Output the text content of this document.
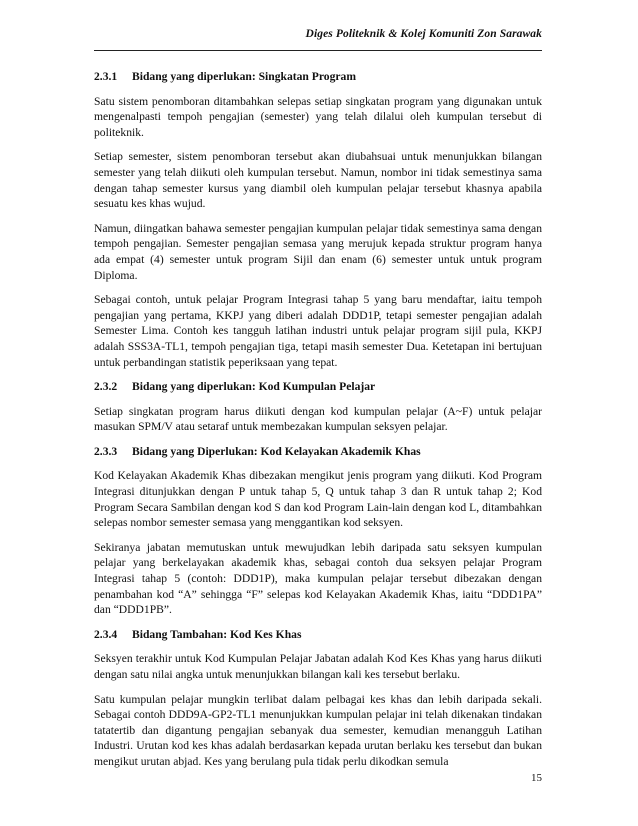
Diges Politeknik & Kolej Komuniti Zon Sarawak
2.3.1 Bidang yang diperlukan: Singkatan Program

Satu sistem penomboran ditambahkan selepas setiap singkatan program yang digunakan untuk mengenalpasti tempoh pengajian (semester) yang telah dilalui oleh kumpulan tersebut di politeknik.

Setiap semester, sistem penomboran tersebut akan diubahsuai untuk menunjukkan bilangan semester yang telah diikuti oleh kumpulan tersebut. Namun, nombor ini tidak semestinya sama dengan tahap semester kursus yang diambil oleh kumpulan pelajar tersebut khasnya apabila sesuatu kes khas wujud.

Namun, diingatkan bahawa semester pengajian kumpulan pelajar tidak semestinya sama dengan tempoh pengajian. Semester pengajian semasa yang merujuk kepada struktur program hanya ada empat (4) semester untuk program Sijil dan enam (6) semester untuk untuk program Diploma.

Sebagai contoh, untuk pelajar Program Integrasi tahap 5 yang baru mendaftar, iaitu tempoh pengajian yang pertama, KKPJ yang diberi adalah DDD1P, tetapi semester pengajian adalah Semester Lima. Contoh kes tangguh latihan industri untuk pelajar program sijil pula, KKPJ adalah SSS3A-TL1, tempoh pengajian tiga, tetapi masih semester Dua. Ketetapan ini bertujuan untuk perbandingan statistik peperiksaan yang tepat.

2.3.2 Bidang yang diperlukan: Kod Kumpulan Pelajar

Setiap singkatan program harus diikuti dengan kod kumpulan pelajar (A~F) untuk pelajar masukan SPM/V atau setaraf untuk membezakan kumpulan seksyen pelajar.

2.3.3 Bidang yang Diperlukan: Kod Kelayakan Akademik Khas

Kod Kelayakan Akademik Khas dibezakan mengikut jenis program yang diikuti. Kod Program Integrasi ditunjukkan dengan P untuk tahap 5, Q untuk tahap 3 dan R untuk tahap 2; Kod Program Secara Sambilan dengan kod S dan kod Program Lain-lain dengan kod L, ditambahkan selepas nombor semester semasa yang menggantikan kod seksyen.

Sekiranya jabatan memutuskan untuk mewujudkan lebih daripada satu seksyen kumpulan pelajar yang berkelayakan akademik khas, sebagai contoh dua seksyen pelajar Program Integrasi tahap 5 (contoh: DDD1P), maka kumpulan pelajar tersebut dibezakan dengan penambahan kod “A” sehingga “F” selepas kod Kelayakan Akademik Khas, iaitu “DDD1PA” dan “DDD1PB”.

2.3.4 Bidang Tambahan: Kod Kes Khas

Seksyen terakhir untuk Kod Kumpulan Pelajar Jabatan adalah Kod Kes Khas yang harus diikuti dengan satu nilai angka untuk menunjukkan bilangan kali kes tersebut berlaku.

Satu kumpulan pelajar mungkin terlibat dalam pelbagai kes khas dan lebih daripada sekali. Sebagai contoh DDD9A-GP2-TL1 menunjukkan kumpulan pelajar ini telah dikenakan tindakan tatatertib dan digantung pengajian sebanyak dua semester, kemudian menangguh Latihan Industri. Urutan kod kes khas adalah berdasarkan kepada urutan berlaku kes tersebut dan bukan mengikut urutan abjad. Kes yang berulang pula tidak perlu dikodkan semula

15
